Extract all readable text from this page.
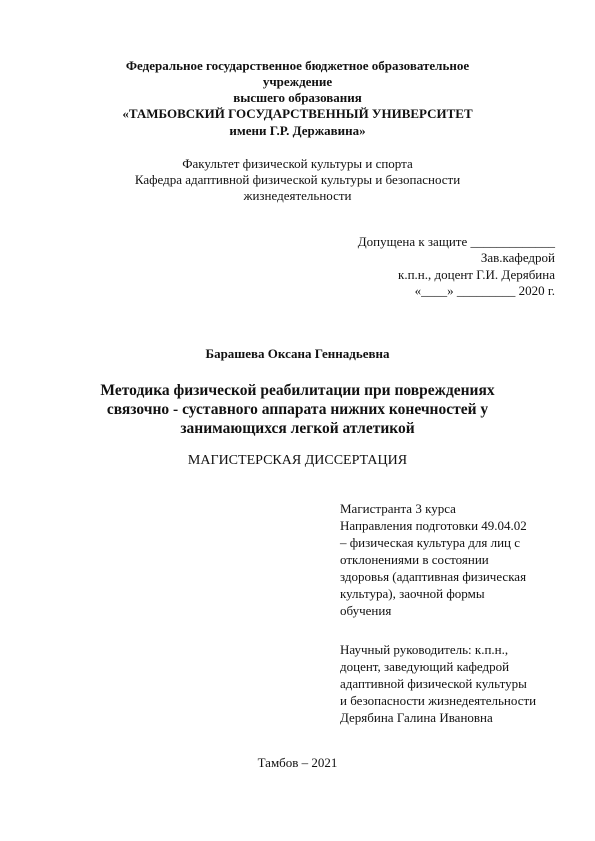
Федеральное государственное бюджетное образовательное
учреждение
высшего образования
«ТАМБОВСКИЙ ГОСУДАРСТВЕННЫЙ УНИВЕРСИТЕТ
имени Г.Р. Державина»
Факультет физической культуры и спорта
Кафедра адаптивной физической культуры и безопасности
жизнедеятельности
Допущена к защите _____________
Зав.кафедрой
к.п.н., доцент Г.И. Дерябина
«____» _________ 2020 г.
Барашева Оксана Геннадьевна
Методика физической реабилитации при повреждениях
связочно - суставного аппарата нижних конечностей у
занимающихся легкой атлетикой
МАГИСТЕРСКАЯ ДИССЕРТАЦИЯ
Магистранта 3 курса
Направления подготовки 49.04.02
– физическая культура для лиц с
отклонениями в состоянии
здоровья (адаптивная физическая
культура), заочной формы
обучения
Научный руководитель: к.п.н.,
доцент, заведующий кафедрой
адаптивной физической культуры
и безопасности жизнедеятельности
Дерябина Галина Ивановна
Тамбов – 2021
